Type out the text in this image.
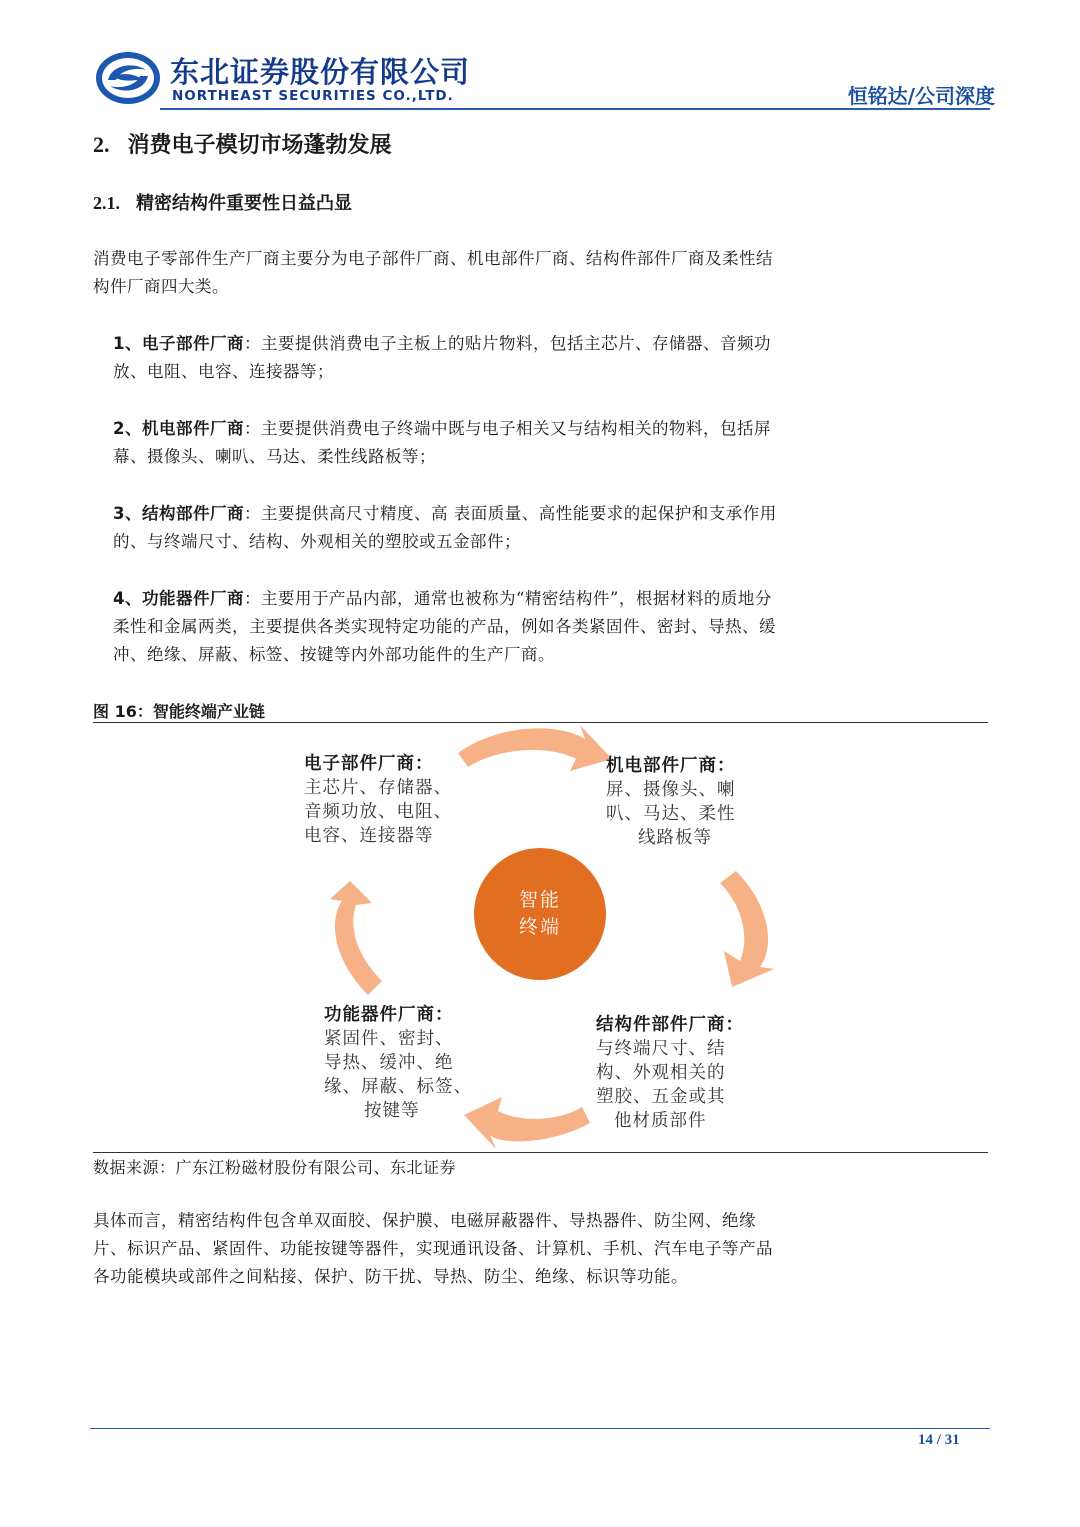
东北证券股份有限公司
NORTHEAST SECURITIES CO.,LTD.	恒铭达/公司深度
2. 消费电子模切市场蓬勃发展
2.1. 精密结构件重要性日益凸显
消费电子零部件生产厂商主要分为电子部件厂商、机电部件厂商、结构件部件厂商及柔性结构件厂商四大类。
1、电子部件厂商：主要提供消费电子主板上的贴片物料，包括主芯片、存储器、音频功放、电阻、电容、连接器等；
2、机电部件厂商：主要提供消费电子终端中既与电子相关又与结构相关的物料，包括屏幕、摄像头、喇叭、马达、柔性线路板等；
3、结构部件厂商：主要提供高尺寸精度、高 表面质量、高性能要求的起保护和支承作用的、与终端尺寸、结构、外观相关的塑胶或五金部件；
4、功能器件厂商：主要用于产品内部，通常也被称为“精密结构件”，根据材料的质地分柔性和金属两类，主要提供各类实现特定功能的产品，例如各类紧固件、密封、导热、缓冲、绝缘、屏蔽、标签、按键等内外部功能件的生产厂商。
图 16：智能终端产业链
智能终端
电子部件厂商：
主芯片、存储器、
音频功放、电阻、
电容、连接器等
机电部件厂商：
屏、摄像头、喇
叭、马达、柔性
线路板等
结构件部件厂商：
与终端尺寸、结
构、外观相关的
塑胶、五金或其
他材质部件
功能器件厂商：
紧固件、密封、
导热、缓冲、绝
缘、屏蔽、标签、
按键等
数据来源：广东江粉磁材股份有限公司、东北证券
具体而言，精密结构件包含单双面胶、保护膜、电磁屏蔽器件、导热器件、防尘网、绝缘片、标识产品、紧固件、功能按键等器件，实现通讯设备、计算机、手机、汽车电子等产品各功能模块或部件之间粘接、保护、防干扰、导热、防尘、绝缘、标识等功能。
14 / 31
